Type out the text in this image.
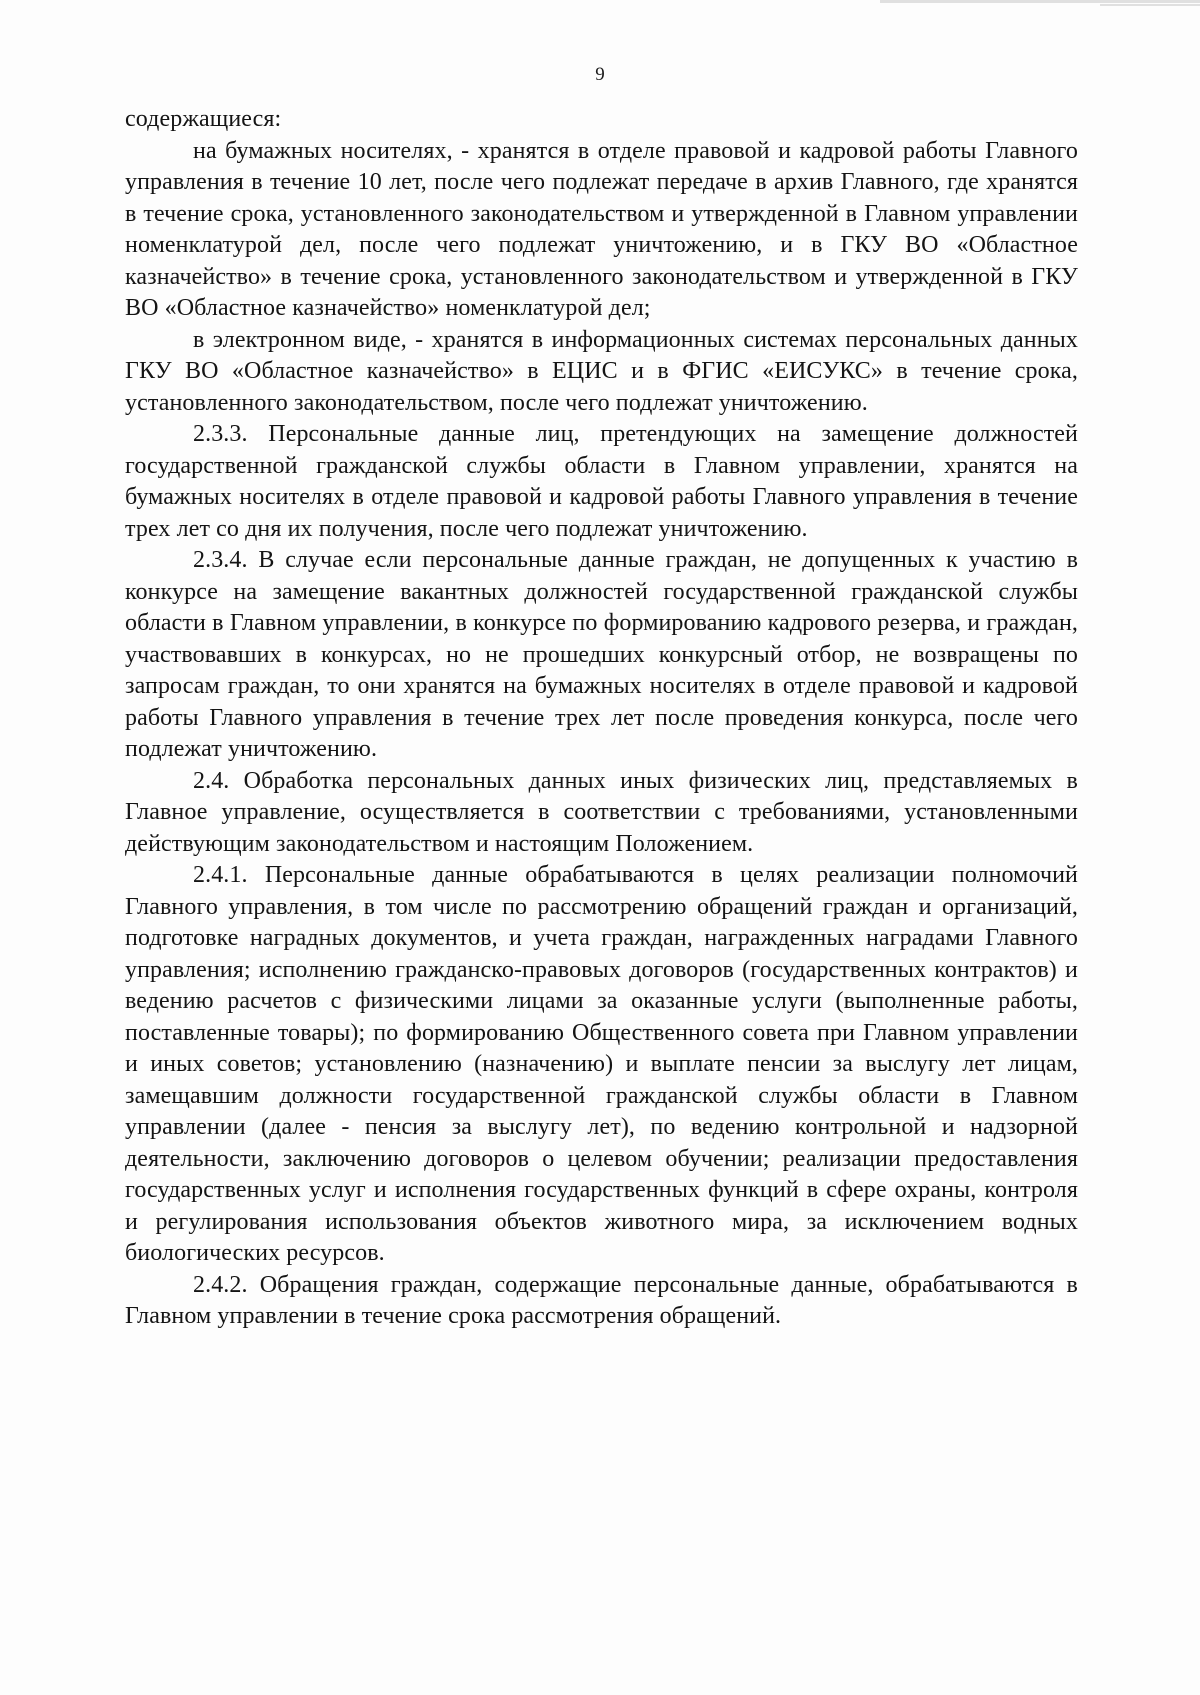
9

содержащиеся:

на бумажных носителях, - хранятся в отделе правовой и кадровой работы Главного управления в течение 10 лет, после чего подлежат передаче в архив Главного, где хранятся в течение срока, установленного законодательством и утвержденной в Главном управлении номенклатурой дел, после чего подлежат уничтожению, и в ГКУ ВО «Областное казначейство» в течение срока, установленного законодательством и утвержденной в ГКУ ВО «Областное казначейство» номенклатурой дел;

в электронном виде, - хранятся в информационных системах персональных данных ГКУ ВО «Областное казначейство» в ЕЦИС и в ФГИС «ЕИСУКС» в течение срока, установленного законодательством, после чего подлежат уничтожению.

2.3.3. Персональные данные лиц, претендующих на замещение должностей государственной гражданской службы области в Главном управлении, хранятся на бумажных носителях в отделе правовой и кадровой работы Главного управления в течение трех лет со дня их получения, после чего подлежат уничтожению.

2.3.4. В случае если персональные данные граждан, не допущенных к участию в конкурсе на замещение вакантных должностей государственной гражданской службы области в Главном управлении, в конкурсе по формированию кадрового резерва, и граждан, участвовавших в конкурсах, но не прошедших конкурсный отбор, не возвращены по запросам граждан, то они хранятся на бумажных носителях в отделе правовой и кадровой работы Главного управления в течение трех лет после проведения конкурса, после чего подлежат уничтожению.

2.4. Обработка персональных данных иных физических лиц, представляемых в Главное управление, осуществляется в соответствии с требованиями, установленными действующим законодательством и настоящим Положением.

2.4.1. Персональные данные обрабатываются в целях реализации полномочий Главного управления, в том числе по рассмотрению обращений граждан и организаций, подготовке наградных документов, и учета граждан, награжденных наградами Главного управления; исполнению гражданско-правовых договоров (государственных контрактов) и ведению расчетов с физическими лицами за оказанные услуги (выполненные работы, поставленные товары); по формированию Общественного совета при Главном управлении и иных советов; установлению (назначению) и выплате пенсии за выслугу лет лицам, замещавшим должности государственной гражданской службы области в Главном управлении (далее - пенсия за выслугу лет), по ведению контрольной и надзорной деятельности, заключению договоров о целевом обучении; реализации предоставления государственных услуг и исполнения государственных функций в сфере охраны, контроля и регулирования использования объектов животного мира, за исключением водных биологических ресурсов.

2.4.2. Обращения граждан, содержащие персональные данные, обрабатываются в Главном управлении в течение срока рассмотрения обращений.
